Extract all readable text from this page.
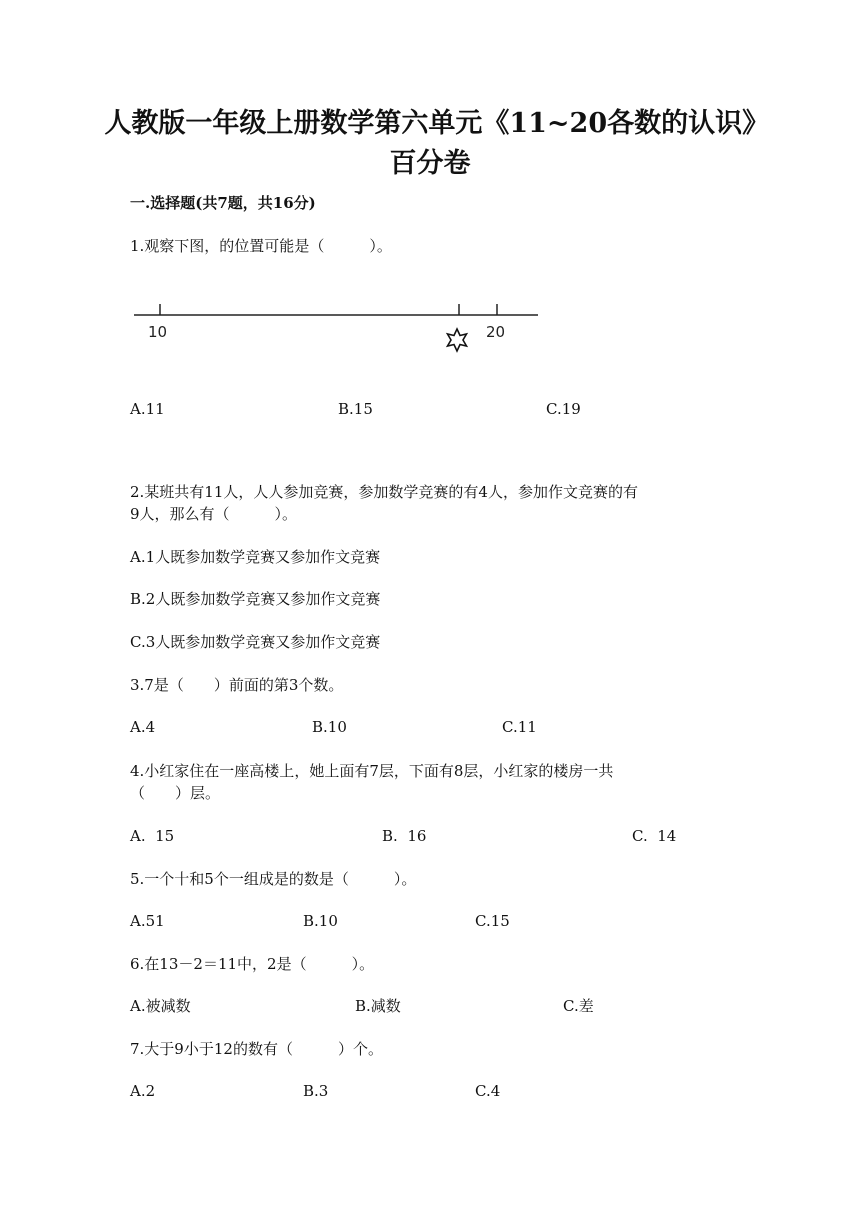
人教版一年级上册数学第六单元《11~20各数的认识》百分卷
一.选择题(共7题，共16分)
1.观察下图，的位置可能是（　　　）。
10	20
A.11	B.15	C.19
2.某班共有11人，人人参加竞赛，参加数学竞赛的有4人，参加作文竞赛的有
9人，那么有（　　　）。
A.1人既参加数学竞赛又参加作文竞赛
B.2人既参加数学竞赛又参加作文竞赛
C.3人既参加数学竞赛又参加作文竞赛
3.7是（　　）前面的第3个数。
A.4	B.10	C.11
4.小红家住在一座高楼上，她上面有7层，下面有8层，小红家的楼房一共
（　　）层。
A.  15	B.  16	C.  14
5.一个十和5个一组成是的数是（　　　）。
A.51	B.10	C.15
6.在13－2＝11中，2是（　　　）。
A.被减数	B.减数	C.差
7.大于9小于12的数有（　　　）个。
A.2	B.3	C.4
